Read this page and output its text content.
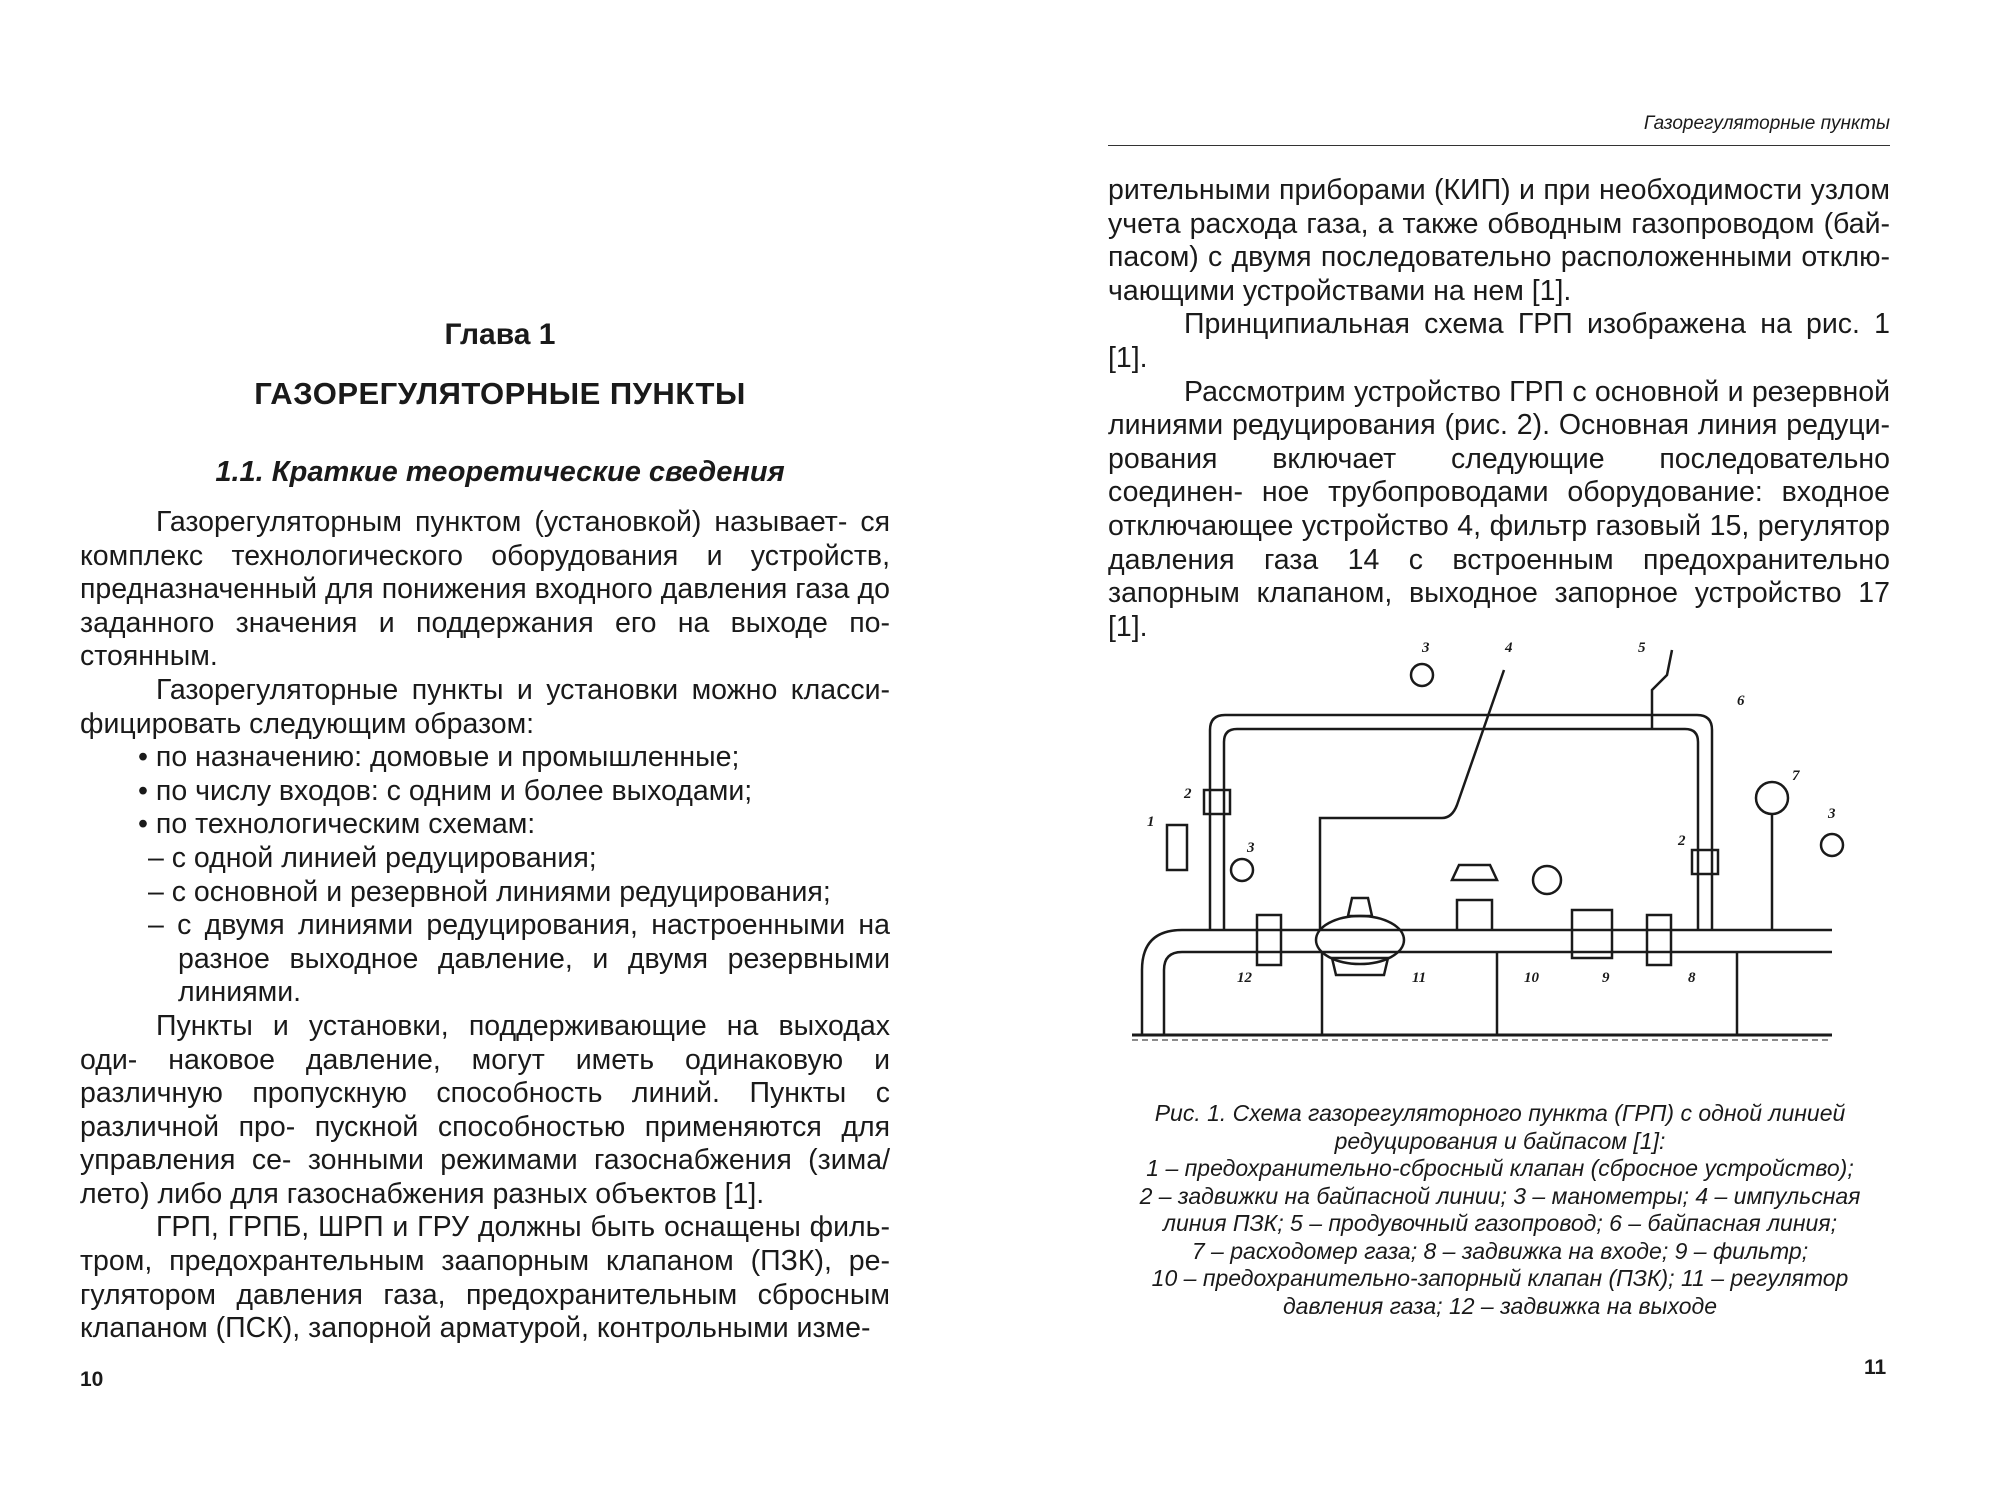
Глава 1
ГАЗОРЕГУЛЯТОРНЫЕ ПУНКТЫ
1.1. Краткие теоретические сведения

Газорегуляторным пунктом (установкой) называет- ся комплекс технологического оборудования и устройств, предназначенный для понижения входного давления газа до заданного значения и поддержания его на выходе по- стоянным.

Газорегуляторные пункты и установки можно класси- фицировать следующим образом:

• по назначению: домовые и промышленные;

• по числу входов: с одним и более выходами;

• по технологическим схемам:

– с одной линией редуцирования;

– с основной и резервной линиями редуцирования;

– с двумя линиями редуцирования, настроенными на разное выходное давление, и двумя резервными линиями.

Пункты и установки, поддерживающие на выходах оди- наковое давление, могут иметь одинаковую и различную пропускную способность линий. Пункты с различной про- пускной способностью применяются для управления се- зонными режимами газоснабжения (зима/лето) либо для газоснабжения разных объектов [1].

ГРП, ГРПБ, ШРП и ГРУ должны быть оснащены филь- тром, предохрантельным заапорным клапаном (ПЗК), ре- гулятором давления газа, предохранительным сбросным клапаном (ПСК), запорной арматурой, контрольными изме-

10
Газорегуляторные пункты

рительными приборами (КИП) и при необходимости узлом учета расхода газа, а также обводным газопроводом (бай- пасом) с двумя последовательно расположенными отклю- чающими устройствами на нем [1].

Принципиальная схема ГРП изображена на рис. 1 [1].

Рассмотрим устройство ГРП с основной и резервной линиями редуцирования (рис. 2). Основная линия редуци- рования включает следующие последовательно соединен- ное трубопроводами оборудование: входное отключающее устройство 4, фильтр газовый 15, регулятор давления газа 14 с встроенным предохранительно запорным клапаном, выходное запорное устройство 17 [1].

1
2
3	4	5
6
7
3
2
3
12	11	10	9	8
Рис. 1. Схема газорегуляторного пункта (ГРП) с одной линией
редуцирования и байпасом [1]:
1 – предохранительно-сбросный клапан (сбросное устройство);
2 – задвижки на байпасной линии; 3 – манометры; 4 – импульсная
линия ПЗК; 5 – продувочный газопровод; 6 – байпасная линия;
7 – расходомер газа; 8 – задвижка на входе; 9 – фильтр;
10 – предохранительно-запорный клапан (ПЗК); 11 – регулятор
давления газа; 12 – задвижка на выходе
11
